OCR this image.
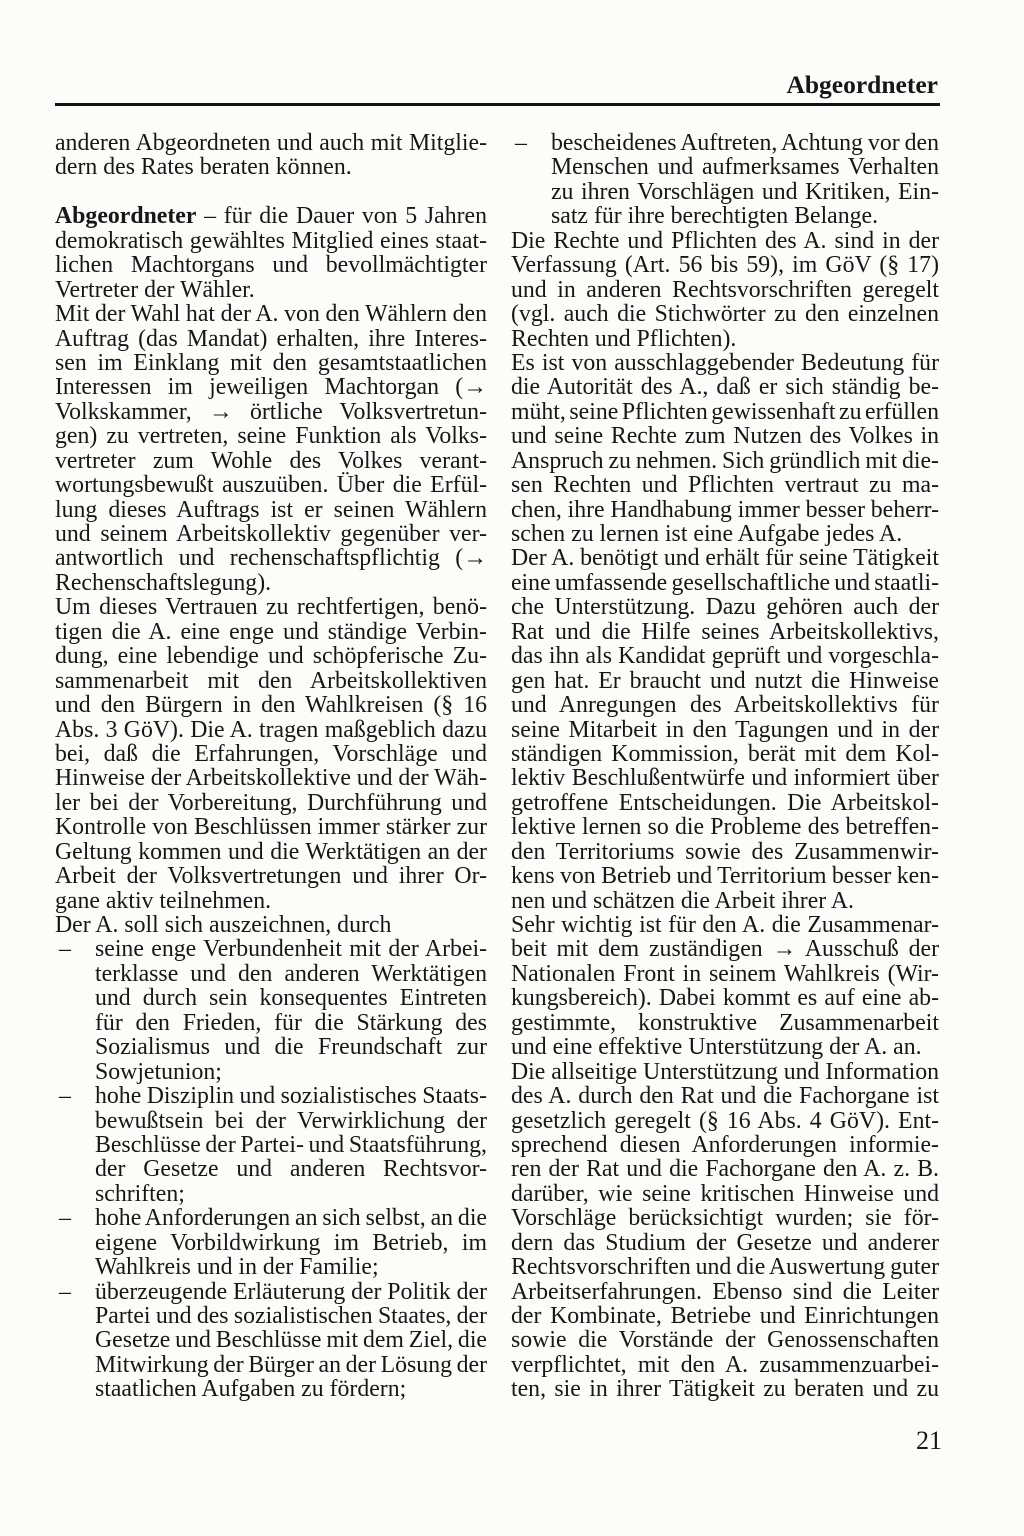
Abgeordneter
anderen Abgeordneten und auch mit Mitglie-
dern des Rates beraten können.
Abgeordneter – für die Dauer von 5 Jahren
demokratisch gewähltes Mitglied eines staat-
lichen Machtorgans und bevollmächtigter
Vertreter der Wähler.
Mit der Wahl hat der A. von den Wählern den
Auftrag (das Mandat) erhalten, ihre Interes-
sen im Einklang mit den gesamtstaatlichen
Interessen im jeweiligen Machtorgan (→
Volkskammer, → örtliche Volksvertretun-
gen) zu vertreten, seine Funktion als Volks-
vertreter zum Wohle des Volkes verant-
wortungsbewußt auszuüben. Über die Erfül-
lung dieses Auftrags ist er seinen Wählern
und seinem Arbeitskollektiv gegenüber ver-
antwortlich und rechenschaftspflichtig (→
Rechenschaftslegung).
Um dieses Vertrauen zu rechtfertigen, benö-
tigen die A. eine enge und ständige Verbin-
dung, eine lebendige und schöpferische Zu-
sammenarbeit mit den Arbeitskollektiven
und den Bürgern in den Wahlkreisen (§ 16
Abs. 3 GöV). Die A. tragen maßgeblich dazu
bei, daß die Erfahrungen, Vorschläge und
Hinweise der Arbeitskollektive und der Wäh-
ler bei der Vorbereitung, Durchführung und
Kontrolle von Beschlüssen immer stärker zur
Geltung kommen und die Werktätigen an der
Arbeit der Volksvertretungen und ihrer Or-
gane aktiv teilnehmen.
Der A. soll sich auszeichnen, durch
– seine enge Verbundenheit mit der Arbei-
terklasse und den anderen Werktätigen
und durch sein konsequentes Eintreten
für den Frieden, für die Stärkung des
Sozialismus und die Freundschaft zur
Sowjetunion;
– hohe Disziplin und sozialistisches Staats-
bewußtsein bei der Verwirklichung der
Beschlüsse der Partei- und Staatsführung,
der Gesetze und anderen Rechtsvor-
schriften;
– hohe Anforderungen an sich selbst, an die
eigene Vorbildwirkung im Betrieb, im
Wahlkreis und in der Familie;
– überzeugende Erläuterung der Politik der
Partei und des sozialistischen Staates, der
Gesetze und Beschlüsse mit dem Ziel, die
Mitwirkung der Bürger an der Lösung der
staatlichen Aufgaben zu fördern;
– bescheidenes Auftreten, Achtung vor den
Menschen und aufmerksames Verhalten
zu ihren Vorschlägen und Kritiken, Ein-
satz für ihre berechtigten Belange.
Die Rechte und Pflichten des A. sind in der
Verfassung (Art. 56 bis 59), im GöV (§ 17)
und in anderen Rechtsvorschriften geregelt
(vgl. auch die Stichwörter zu den einzelnen
Rechten und Pflichten).
Es ist von ausschlaggebender Bedeutung für
die Autorität des A., daß er sich ständig be-
müht, seine Pflichten gewissenhaft zu erfüllen
und seine Rechte zum Nutzen des Volkes in
Anspruch zu nehmen. Sich gründlich mit die-
sen Rechten und Pflichten vertraut zu ma-
chen, ihre Handhabung immer besser beherr-
schen zu lernen ist eine Aufgabe jedes A.
Der A. benötigt und erhält für seine Tätigkeit
eine umfassende gesellschaftliche und staatli-
che Unterstützung. Dazu gehören auch der
Rat und die Hilfe seines Arbeitskollektivs,
das ihn als Kandidat geprüft und vorgeschla-
gen hat. Er braucht und nutzt die Hinweise
und Anregungen des Arbeitskollektivs für
seine Mitarbeit in den Tagungen und in der
ständigen Kommission, berät mit dem Kol-
lektiv Beschlußentwürfe und informiert über
getroffene Entscheidungen. Die Arbeitskol-
lektive lernen so die Probleme des betreffen-
den Territoriums sowie des Zusammenwir-
kens von Betrieb und Territorium besser ken-
nen und schätzen die Arbeit ihrer A.
Sehr wichtig ist für den A. die Zusammenar-
beit mit dem zuständigen → Ausschuß der
Nationalen Front in seinem Wahlkreis (Wir-
kungsbereich). Dabei kommt es auf eine ab-
gestimmte, konstruktive Zusammenarbeit
und eine effektive Unterstützung der A. an.
Die allseitige Unterstützung und Information
des A. durch den Rat und die Fachorgane ist
gesetzlich geregelt (§ 16 Abs. 4 GöV). Ent-
sprechend diesen Anforderungen informie-
ren der Rat und die Fachorgane den A. z. B.
darüber, wie seine kritischen Hinweise und
Vorschläge berücksichtigt wurden; sie för-
dern das Studium der Gesetze und anderer
Rechtsvorschriften und die Auswertung guter
Arbeitserfahrungen. Ebenso sind die Leiter
der Kombinate, Betriebe und Einrichtungen
sowie die Vorstände der Genossenschaften
verpflichtet, mit den A. zusammenzuarbei-
ten, sie in ihrer Tätigkeit zu beraten und zu
21
